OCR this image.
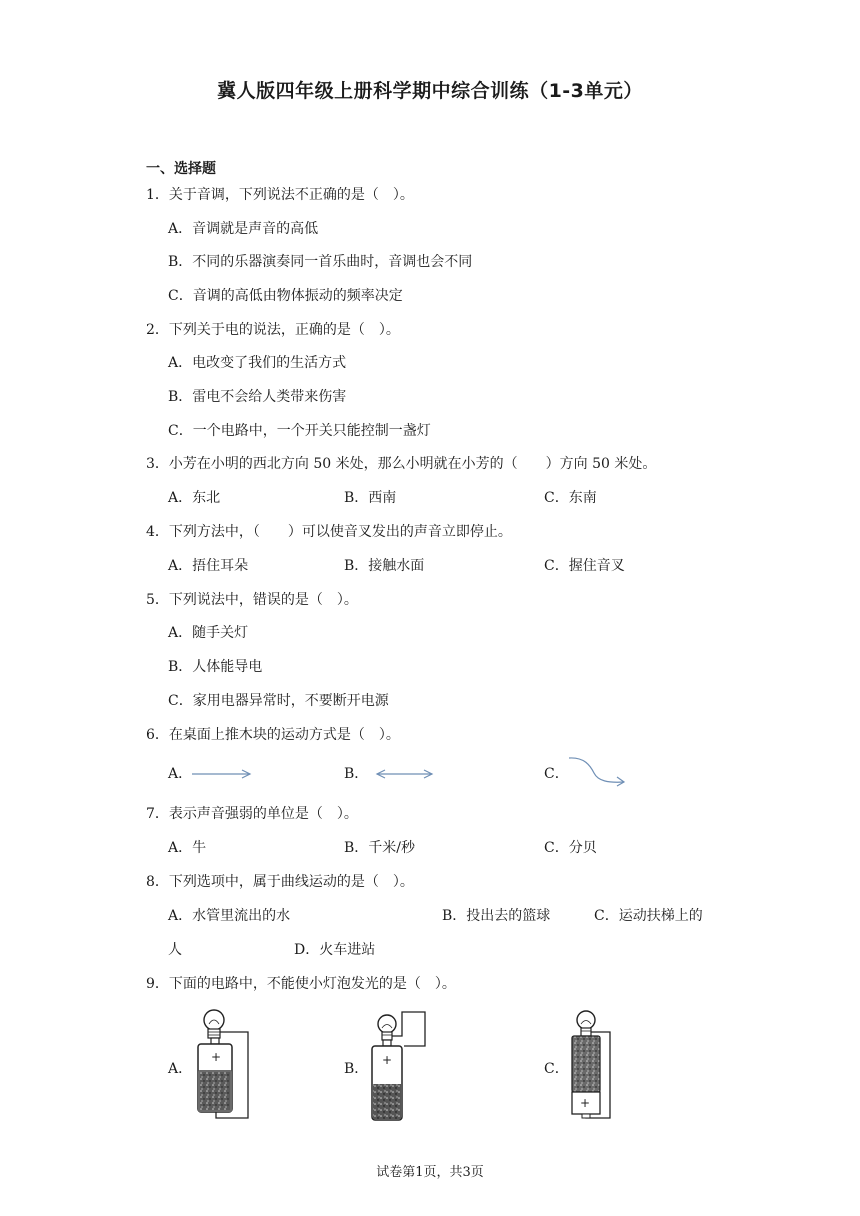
冀人版四年级上册科学期中综合训练（1-3单元）
一、选择题
1．关于音调，下列说法不正确的是（　）。
A．音调就是声音的高低
B．不同的乐器演奏同一首乐曲时，音调也会不同
C．音调的高低由物体振动的频率决定
2．下列关于电的说法，正确的是（　）。
A．电改变了我们的生活方式
B．雷电不会给人类带来伤害
C．一个电路中，一个开关只能控制一盏灯
3．小芳在小明的西北方向 50 米处，那么小明就在小芳的（　　）方向 50 米处。
A．东北	B．西南	C．东南
4．下列方法中，（　　）可以使音叉发出的声音立即停止。
A．捂住耳朵	B．接触水面	C．握住音叉
5．下列说法中，错误的是（　）。
A．随手关灯
B．人体能导电
C．家用电器异常时，不要断开电源
6．在桌面上推木块的运动方式是（　）。
A．	B．	C．
7．表示声音强弱的单位是（　）。
A．牛	B．千米/秒	C．分贝
8．下列选项中，属于曲线运动的是（　）。
A．水管里流出的水	B．投出去的篮球	C．运动扶梯上的
人	D．火车进站
9．下面的电路中，不能使小灯泡发光的是（　）。
A．
+
B．
+
C．
+
试卷第1页，共3页
